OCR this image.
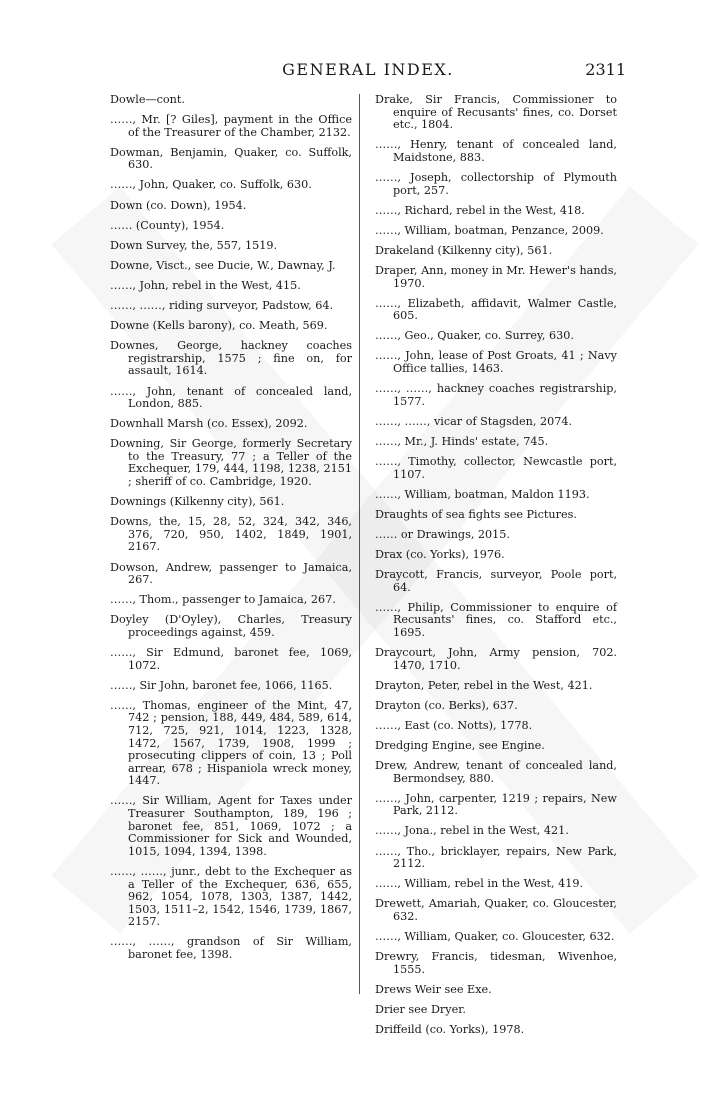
GENERAL INDEX.	2311

Dowle—cont.

……, Mr. [? Giles], payment in the Office of the Treasurer of the Chamber, 2132.

Dowman, Benjamin, Quaker, co. Suffolk, 630.

……, John, Quaker, co. Suffolk, 630.

Down (co. Down), 1954.

…… (County), 1954.

Down Survey, the, 557, 1519.

Downe, Visct., see Ducie, W., Dawnay, J.

……, John, rebel in the West, 415.

……, ……, riding surveyor, Padstow, 64.

Downe (Kells barony), co. Meath, 569.

Downes, George, hackney coaches registrarship, 1575 ; fine on, for assault, 1614.

……, John, tenant of concealed land, London, 885.

Downhall Marsh (co. Essex), 2092.

Downing, Sir George, formerly Secretary to the Treasury, 77 ; a Teller of the Exchequer, 179, 444, 1198, 1238, 2151 ; sheriff of co. Cambridge, 1920.

Downings (Kilkenny city), 561.

Downs, the, 15, 28, 52, 324, 342, 346, 376, 720, 950, 1402, 1849, 1901, 2167.

Dowson, Andrew, passenger to Jamaica, 267.

……, Thom., passenger to Jamaica, 267.

Doyley (D'Oyley), Charles, Treasury proceedings against, 459.

……, Sir Edmund, baronet fee, 1069, 1072.

……, Sir John, baronet fee, 1066, 1165.

……, Thomas, engineer of the Mint, 47, 742 ; pension, 188, 449, 484, 589, 614, 712, 725, 921, 1014, 1223, 1328, 1472, 1567, 1739, 1908, 1999 ; prosecuting clippers of coin, 13 ; Poll arrear, 678 ; Hispaniola wreck money, 1447.

……, Sir William, Agent for Taxes under Treasurer Southampton, 189, 196 ; baronet fee, 851, 1069, 1072 ; a Commissioner for Sick and Wounded, 1015, 1094, 1394, 1398.

……, ……, junr., debt to the Exchequer as a Teller of the Exchequer, 636, 655, 962, 1054, 1078, 1303, 1387, 1442, 1503, 1511–2, 1542, 1546, 1739, 1867, 2157.

……, ……, grandson of Sir William, baronet fee, 1398.

Drake, Sir Francis, Commissioner to enquire of Recusants' fines, co. Dorset etc., 1804.

……, Henry, tenant of concealed land, Maidstone, 883.

……, Joseph, collectorship of Plymouth port, 257.

……, Richard, rebel in the West, 418.

……, William, boatman, Penzance, 2009.

Drakeland (Kilkenny city), 561.

Draper, Ann, money in Mr. Hewer's hands, 1970.

……, Elizabeth, affidavit, Walmer Castle, 605.

……, Geo., Quaker, co. Surrey, 630.

……, John, lease of Post Groats, 41 ; Navy Office tallies, 1463.

……, ……, hackney coaches registrarship, 1577.

……, ……, vicar of Stagsden, 2074.

……, Mr., J. Hinds' estate, 745.

……, Timothy, collector, Newcastle port, 1107.

……, William, boatman, Maldon 1193.

Draughts of sea fights see Pictures.

…… or Drawings, 2015.

Drax (co. Yorks), 1976.

Draycott, Francis, surveyor, Poole port, 64.

……, Philip, Commissioner to enquire of Recusants' fines, co. Stafford etc., 1695.

Draycourt, John, Army pension, 702. 1470, 1710.

Drayton, Peter, rebel in the West, 421.

Drayton (co. Berks), 637.

……, East (co. Notts), 1778.

Dredging Engine, see Engine.

Drew, Andrew, tenant of concealed land, Bermondsey, 880.

……, John, carpenter, 1219 ; repairs, New Park, 2112.

……, Jona., rebel in the West, 421.

……, Tho., bricklayer, repairs, New Park, 2112.

……, William, rebel in the West, 419.

Drewett, Amariah, Quaker, co. Gloucester, 632.

……, William, Quaker, co. Gloucester, 632.

Drewry, Francis, tidesman, Wivenhoe, 1555.

Drews Weir see Exe.

Drier see Dryer.

Driffeild (co. Yorks), 1978.
